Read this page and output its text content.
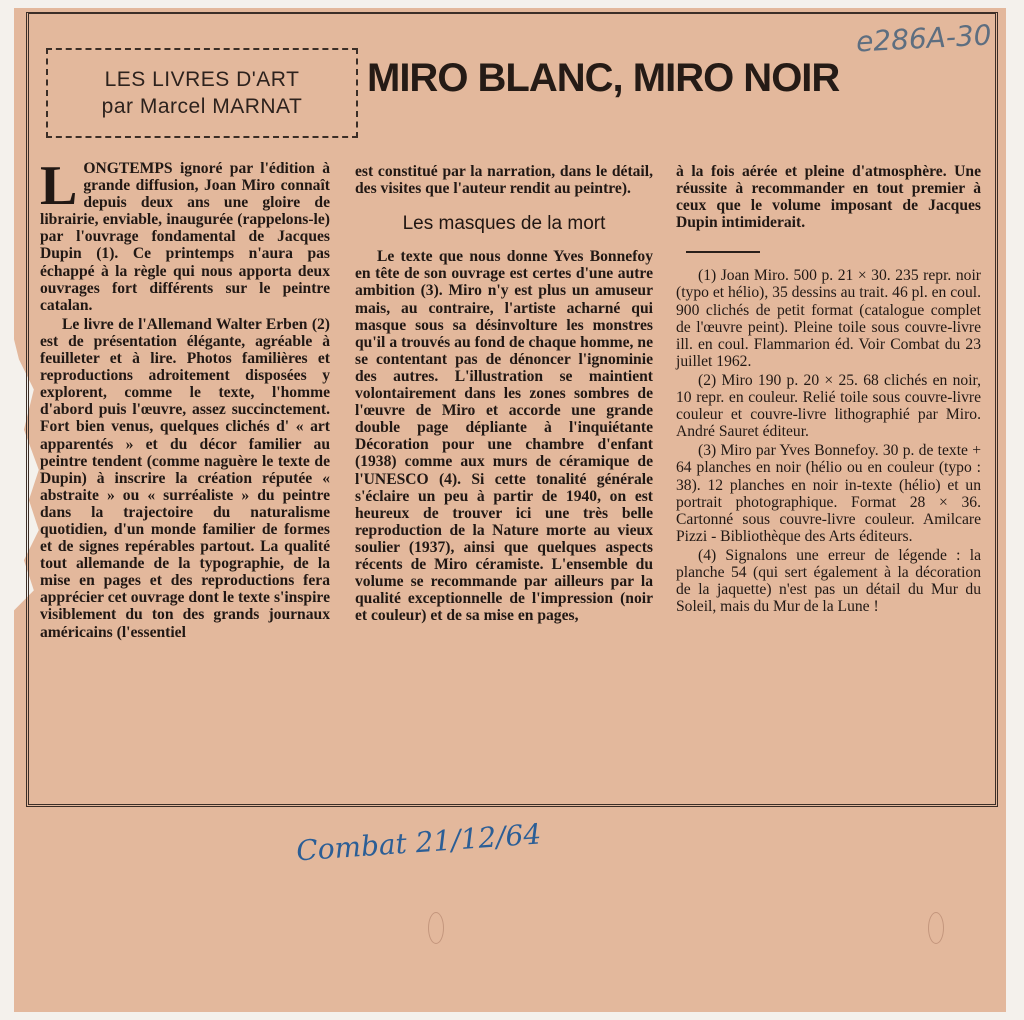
e286A-30
LES LIVRES D'ART
par Marcel MARNAT
MIRO BLANC, MIRO NOIR

LONGTEMPS ignoré par l'édition à grande diffusion, Joan Miro connaît depuis deux ans une gloire de librairie, enviable, inaugurée (rappelons-le) par l'ouvrage fondamental de Jacques Dupin (1). Ce printemps n'aura pas échappé à la règle qui nous apporta deux ouvrages fort différents sur le peintre catalan.

Le livre de l'Allemand Walter Erben (2) est de présentation élégante, agréable à feuilleter et à lire. Photos familières et reproductions adroitement disposées y explorent, comme le texte, l'homme d'abord puis l'œuvre, assez succinctement. Fort bien venus, quelques clichés d' « art apparentés » et du décor familier au peintre tendent (comme naguère le texte de Dupin) à inscrire la création réputée « abstraite » ou « surréaliste » du peintre dans la trajectoire du naturalisme quotidien, d'un monde familier de formes et de signes repérables partout. La qualité tout allemande de la typographie, de la mise en pages et des reproductions fera apprécier cet ouvrage dont le texte s'inspire visiblement du ton des grands journaux américains (l'essentiel

est constitué par la narration, dans le détail, des visites que l'auteur rendit au peintre).

Les masques de la mort

Le texte que nous donne Yves Bonnefoy en tête de son ouvrage est certes d'une autre ambition (3). Miro n'y est plus un amuseur mais, au contraire, l'artiste acharné qui masque sous sa désinvolture les monstres qu'il a trouvés au fond de chaque homme, ne se contentant pas de dénoncer l'ignominie des autres. L'illustration se maintient volontairement dans les zones sombres de l'œuvre de Miro et accorde une grande double page dépliante à l'inquiétante Décoration pour une chambre d'enfant (1938) comme aux murs de céramique de l'UNESCO (4). Si cette tonalité générale s'éclaire un peu à partir de 1940, on est heureux de trouver ici une très belle reproduction de la Nature morte au vieux soulier (1937), ainsi que quelques aspects récents de Miro céramiste. L'ensemble du volume se recommande par ailleurs par la qualité exceptionnelle de l'impression (noir et couleur) et de sa mise en pages,

à la fois aérée et pleine d'atmosphère. Une réussite à recommander en tout premier à ceux que le volume imposant de Jacques Dupin intimiderait.

(1) Joan Miro. 500 p. 21 × 30. 235 repr. noir (typo et hélio), 35 dessins au trait. 46 pl. en coul. 900 clichés de petit format (catalogue complet de l'œuvre peint). Pleine toile sous couvre-livre ill. en coul. Flammarion éd. Voir Combat du 23 juillet 1962.

(2) Miro 190 p. 20 × 25. 68 clichés en noir, 10 repr. en couleur. Relié toile sous couvre-livre couleur et couvre-livre lithographié par Miro. André Sauret éditeur.

(3) Miro par Yves Bonnefoy. 30 p. de texte + 64 planches en noir (hélio ou en couleur (typo : 38). 12 planches en noir in-texte (hélio) et un portrait photographique. Format 28 × 36. Cartonné sous couvre-livre couleur. Amilcare Pizzi - Bibliothèque des Arts éditeurs.

(4) Signalons une erreur de légende : la planche 54 (qui sert également à la décoration de la jaquette) n'est pas un détail du Mur du Soleil, mais du Mur de la Lune !

Combat 21/12/64
